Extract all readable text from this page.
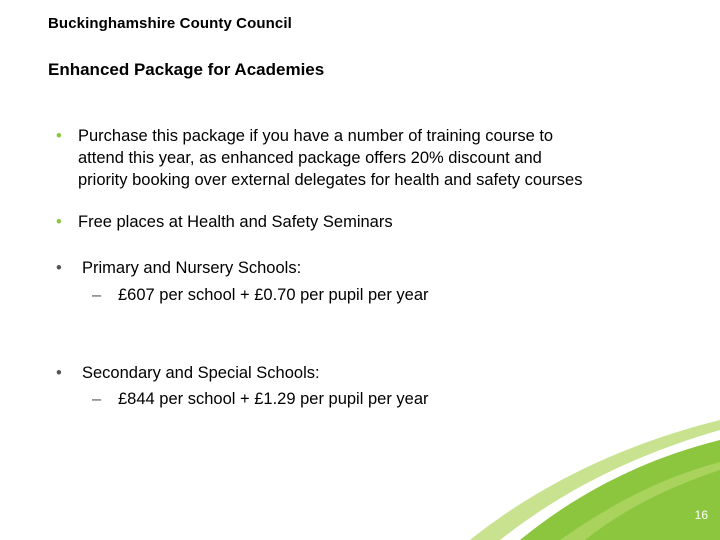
Buckinghamshire County Council
Enhanced Package for Academies
• Purchase this package if you have a number of training course to
attend this year, as enhanced package offers 20% discount and
priority booking over external delegates for health and safety courses
• Free places at Health and Safety Seminars
• Primary and Nursery Schools:
– £607 per school + £0.70 per pupil per year
• Secondary and Special Schools:
– £844 per school + £1.29 per pupil per year
16
